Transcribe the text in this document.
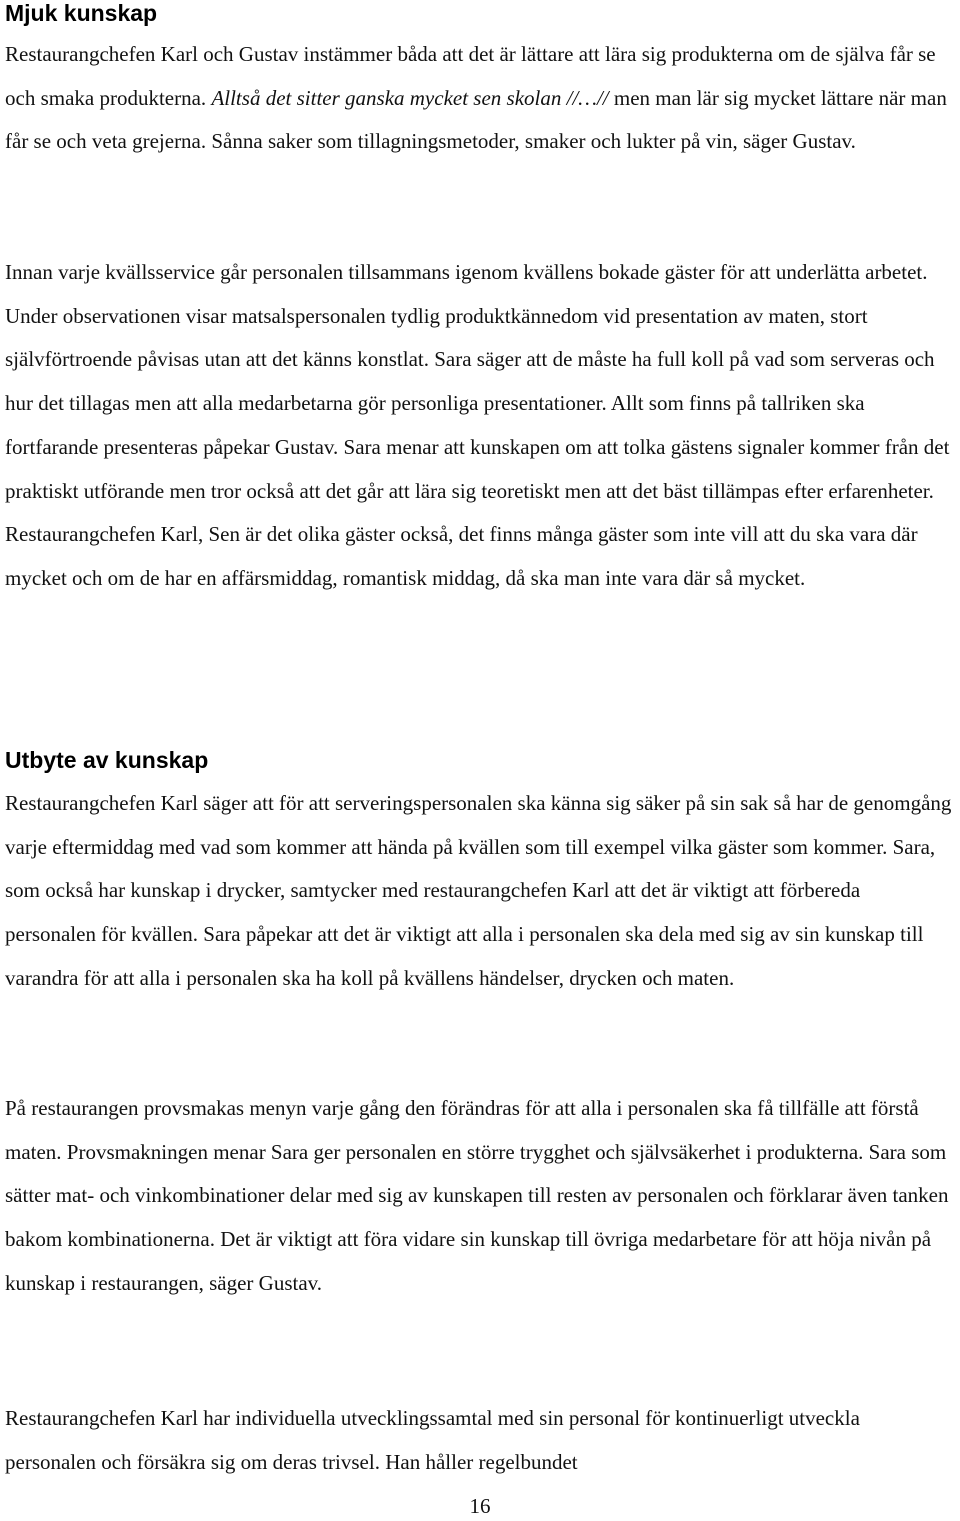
Mjuk kunskap

Restaurangchefen Karl och Gustav instämmer båda att det är lättare att lära sig produkterna om de själva får se och smaka produkterna. Alltså det sitter ganska mycket sen skolan //…// men man lär sig mycket lättare när man får se och veta grejerna. Sånna saker som tillagningsmetoder, smaker och lukter på vin, säger Gustav.

Innan varje kvällsservice går personalen tillsammans igenom kvällens bokade gäster för att underlätta arbetet. Under observationen visar matsalspersonalen tydlig produktkännedom vid presentation av maten, stort självförtroende påvisas utan att det känns konstlat. Sara säger att de måste ha full koll på vad som serveras och hur det tillagas men att alla medarbetarna gör personliga presentationer. Allt som finns på tallriken ska fortfarande presenteras påpekar Gustav. Sara menar att kunskapen om att tolka gästens signaler kommer från det praktiskt utförande men tror också att det går att lära sig teoretiskt men att det bäst tillämpas efter erfarenheter. Restaurangchefen Karl, Sen är det olika gäster också, det finns många gäster som inte vill att du ska vara där mycket och om de har en affärsmiddag, romantisk middag, då ska man inte vara där så mycket.

Utbyte av kunskap

Restaurangchefen Karl säger att för att serveringspersonalen ska känna sig säker på sin sak så har de genomgång varje eftermiddag med vad som kommer att hända på kvällen som till exempel vilka gäster som kommer. Sara, som också har kunskap i drycker, samtycker med restaurangchefen Karl att det är viktigt att förbereda personalen för kvällen. Sara påpekar att det är viktigt att alla i personalen ska dela med sig av sin kunskap till varandra för att alla i personalen ska ha koll på kvällens händelser, drycken och maten.

På restaurangen provsmakas menyn varje gång den förändras för att alla i personalen ska få tillfälle att förstå maten. Provsmakningen menar Sara ger personalen en större trygghet och självsäkerhet i produkterna. Sara som sätter mat- och vinkombinationer delar med sig av kunskapen till resten av personalen och förklarar även tanken bakom kombinationerna. Det är viktigt att föra vidare sin kunskap till övriga medarbetare för att höja nivån på kunskap i restaurangen, säger Gustav.

Restaurangchefen Karl har individuella utvecklingssamtal med sin personal för kontinuerligt utveckla personalen och försäkra sig om deras trivsel. Han håller regelbundet

16
